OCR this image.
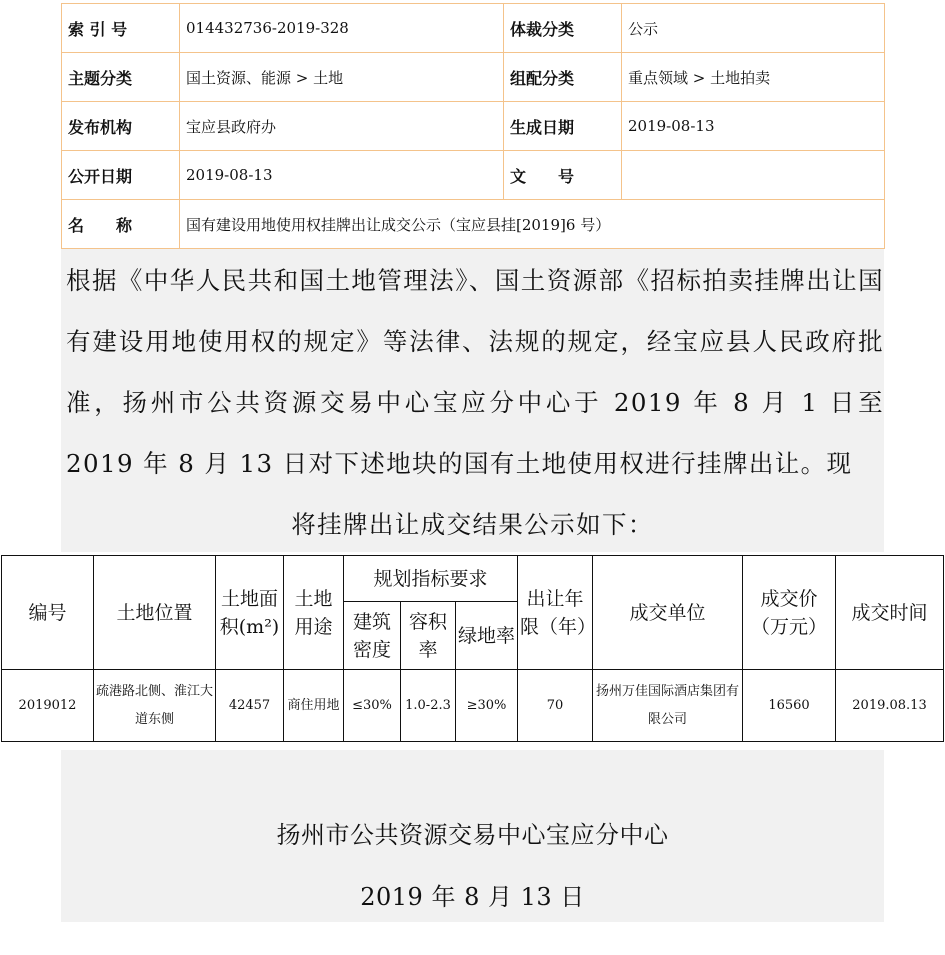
索 引 号	014432736-2019-328	体裁分类	公示
主题分类	国土资源、能源 > 土地	组配分类	重点领域 > 土地拍卖
发布机构	宝应县政府办	生成日期	2019-08-13
公开日期	2019-08-13	文　　号	
名　　称	国有建设用地使用权挂牌出让成交公示（宝应县挂[2019]6 号）		

根据《中华人民共和国土地管理法》、国土资源部《招标拍卖挂牌出让国有建设用地使用权的规定》等法律、法规的规定，经宝应县人民政府批准，扬州市公共资源交易中心宝应分中心于 2019 年 8 月 1 日至 2019 年 8 月 13 日对下述地块的国有土地使用权进行挂牌出让。现

将挂牌出让成交结果公示如下：
编号	土地位置	土地面积(m²)	土地用途	规划指标要求			出让年限（年）	成交单位	成交价（万元）	成交时间
				建筑密度	容积率	绿地率				
2019012	疏港路北侧、淮江大道东侧	42457	商住用地	≤30%	1.0-2.3	≥30%	70	扬州万佳国际酒店集团有限公司	16560	2019.08.13
扬州市公共资源交易中心宝应分中心
2019 年 8 月 13 日
